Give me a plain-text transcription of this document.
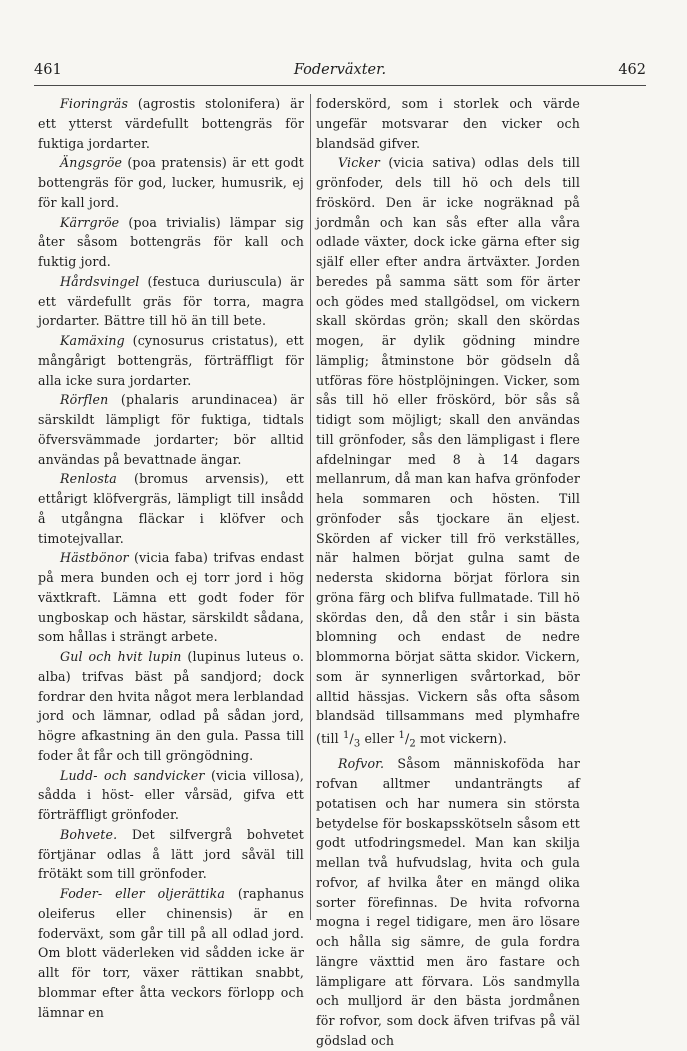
461	Foderväxter.	462

Fioringräs (agrostis stolonifera) är ett ytterst värdefullt bottengräs för fuktiga jordarter.

Ängsgröe (poa pratensis) är ett godt bottengräs för god, lucker, humusrik, ej för kall jord.

Kärrgröe (poa trivialis) lämpar sig åter såsom bottengräs för kall och fuktig jord.

Hårdsvingel (festuca duriuscula) är ett värdefullt gräs för torra, magra jordarter. Bättre till hö än till bete.

Kamäxing (cynosurus cristatus), ett mångårigt bottengräs, förträffligt för alla icke sura jordarter.

Rörflen (phalaris arundinacea) är särskildt lämpligt för fuktiga, tidtals öfversvämmade jordarter; bör alltid användas på bevattnade ängar.

Renlosta (bromus arvensis), ett ettårigt klöfvergräs, lämpligt till insådd å utgångna fläckar i klöfver och timotejvallar.

Hästbönor (vicia faba) trifvas endast på mera bunden och ej torr jord i hög växtkraft. Lämna ett godt foder för ungboskap och hästar, särskildt sådana, som hållas i strängt arbete.

Gul och hvit lupin (lupinus luteus o. alba) trifvas bäst på sandjord; dock fordrar den hvita något mera lerblandad jord och lämnar, odlad på sådan jord, högre afkastning än den gula. Passa till foder åt får och till gröngödning.

Ludd- och sandvicker (vicia villosa), sådda i höst- eller vårsäd, gifva ett förträffligt grönfoder.

Bohvete. Det silfvergrå bohvetet förtjänar odlas å lätt jord såväl till frötäkt som till grönfoder.

Foder- eller oljerättika (raphanus oleiferus eller chinensis) är en foderväxt, som går till på all odlad jord. Om blott väderleken vid sådden icke är allt för torr, växer rättikan snabbt, blommar efter åtta veckors förlopp och lämnar en

foderskörd, som i storlek och värde ungefär motsvarar den vicker och blandsäd gifver.

Vicker (vicia sativa) odlas dels till grönfoder, dels till hö och dels till fröskörd. Den är icke nogräknad på jordmån och kan sås efter alla våra odlade växter, dock icke gärna efter sig själf eller efter andra ärtväxter. Jorden beredes på samma sätt som för ärter och gödes med stallgödsel, om vickern skall skördas grön; skall den skördas mogen, är dylik gödning mindre lämplig; åtminstone bör gödseln då utföras före höstplöjningen. Vicker, som sås till hö eller fröskörd, bör sås så tidigt som möjligt; skall den användas till grönfoder, sås den lämpligast i flere afdelningar med 8 à 14 dagars mellanrum, då man kan hafva grönfoder hela sommaren och hösten. Till grönfoder sås tjockare än eljest. Skörden af vicker till frö verkställes, när halmen börjat gulna samt de nedersta skidorna börjat förlora sin gröna färg och blifva fullmatade. Till hö skördas den, då den står i sin bästa blomning och endast de nedre blommorna börjat sätta skidor. Vickern, som är synnerligen svårtorkad, bör alltid hässjas. Vickern sås ofta såsom blandsäd tillsammans med plymhafre (till $^1/_3$ eller $^1/_2$ mot vickern).

Rofvor. Såsom människoföda har rofvan alltmer undanträngts af potatisen och har numera sin största betydelse för boskapsskötseln såsom ett godt utfodringsmedel. Man kan skilja mellan två hufvudslag, hvita och gula rofvor, af hvilka åter en mängd olika sorter förefinnas. De hvita rofvorna mogna i regel tidigare, men äro lösare och hålla sig sämre, de gula fordra längre växttid men äro fastare och lämpligare att förvara. Lös sandmylla och mulljord är den bästa jordmånen för rofvor, som dock äfven trifvas på väl gödslad och
